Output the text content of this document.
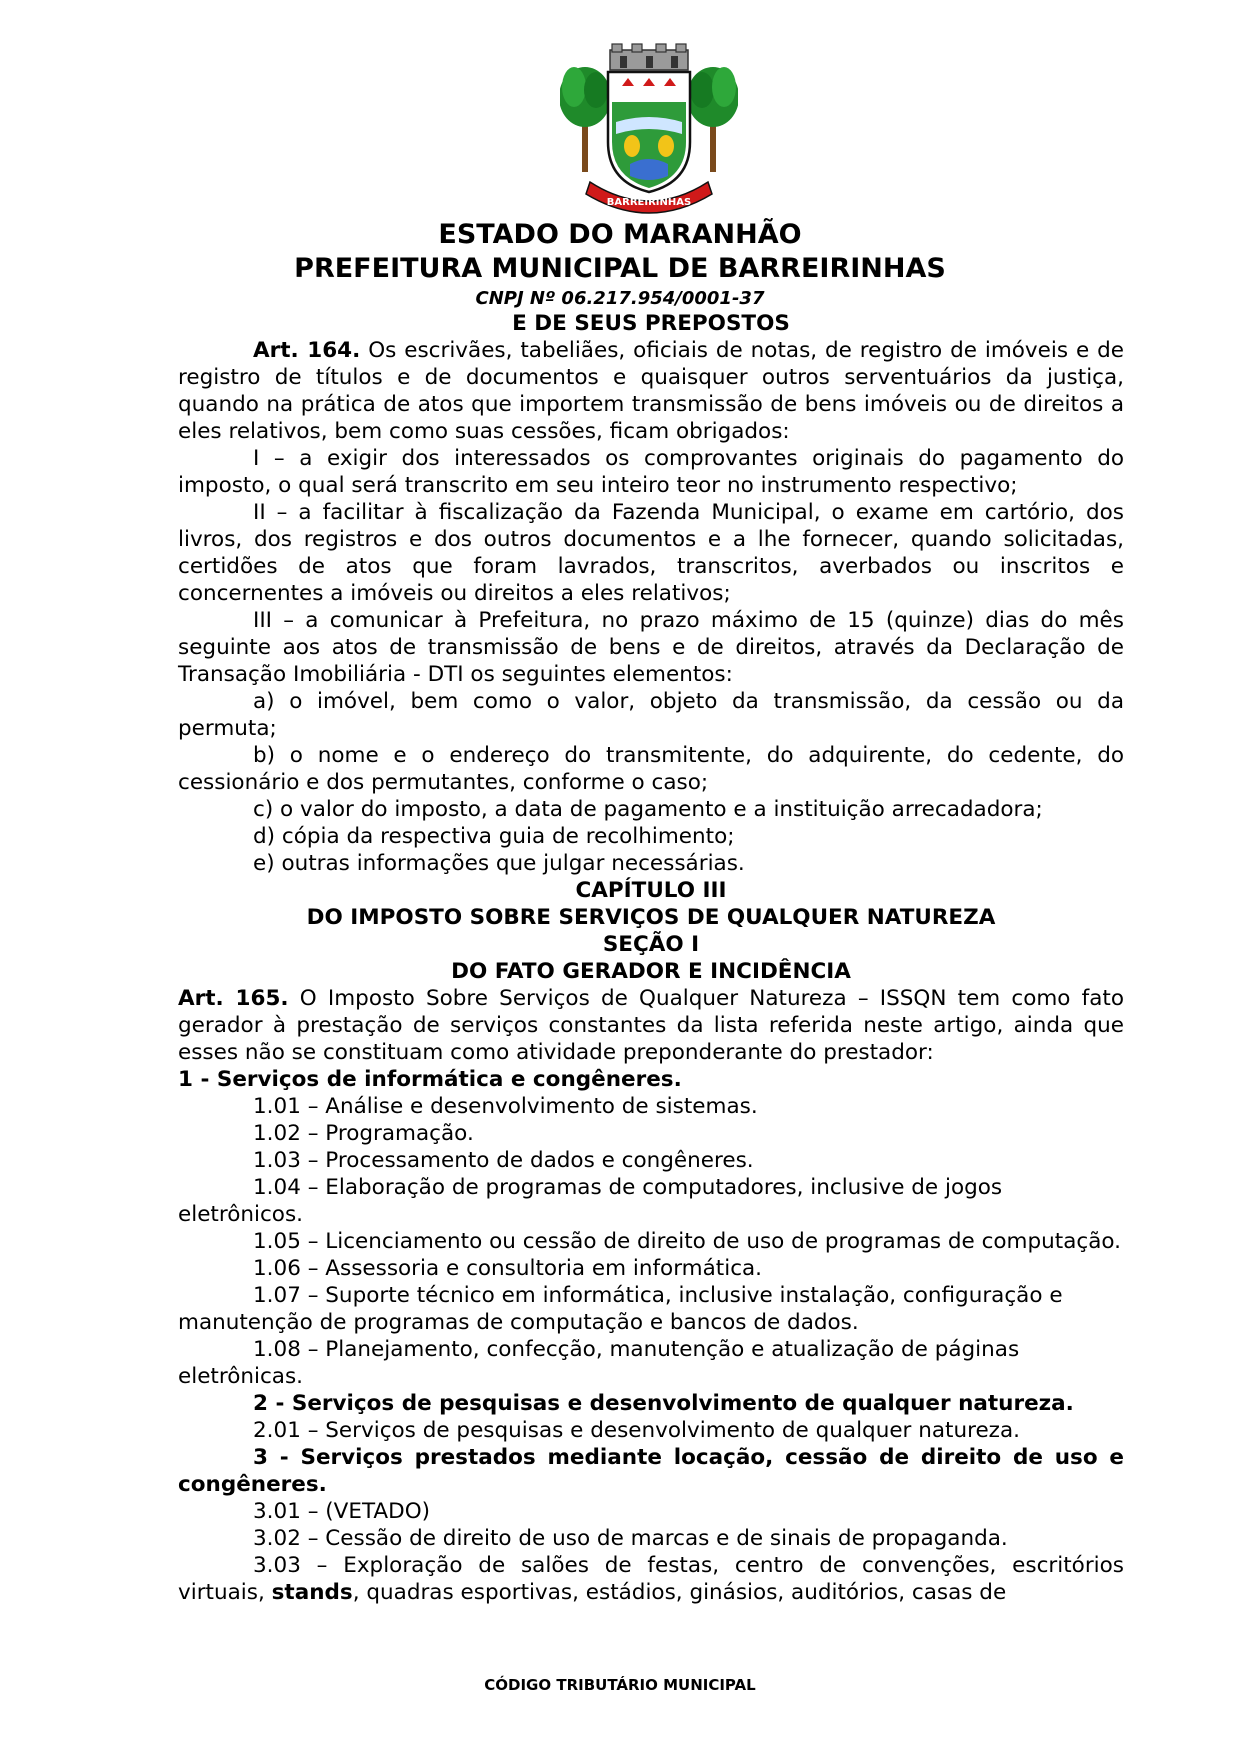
BARREIRINHAS
ESTADO DO MARANHÃO
PREFEITURA MUNICIPAL DE BARREIRINHAS
CNPJ Nº 06.217.954/0001-37

E DE SEUS PREPOSTOS

Art. 164. Os escrivães, tabeliães, oficiais de notas, de registro de imóveis e de registro de títulos e de documentos e quaisquer outros serventuários da justiça, quando na prática de atos que importem transmissão de bens imóveis ou de direitos a eles relativos, bem como suas cessões, ficam obrigados:

I – a exigir dos interessados os comprovantes originais do pagamento do imposto, o qual será transcrito em seu inteiro teor no instrumento respectivo;

II – a facilitar à fiscalização da Fazenda Municipal, o exame em cartório, dos livros, dos registros e dos outros documentos e a lhe fornecer, quando solicitadas, certidões de atos que foram lavrados, transcritos, averbados ou inscritos e concernentes a imóveis ou direitos a eles relativos;

III – a comunicar à Prefeitura, no prazo máximo de 15 (quinze) dias do mês seguinte aos atos de transmissão de bens e de direitos, através da Declaração de Transação Imobiliária - DTI os seguintes elementos:

a) o imóvel, bem como o valor, objeto da transmissão, da cessão ou da permuta;

b) o nome e o endereço do transmitente, do adquirente, do cedente, do cessionário e dos permutantes, conforme o caso;

c) o valor do imposto, a data de pagamento e a instituição arrecadadora;

d) cópia da respectiva guia de recolhimento;

e) outras informações que julgar necessárias.

CAPÍTULO III

DO IMPOSTO SOBRE SERVIÇOS DE QUALQUER NATUREZA

SEÇÃO I

DO FATO GERADOR E INCIDÊNCIA

Art. 165. O Imposto Sobre Serviços de Qualquer Natureza – ISSQN tem como fato gerador à prestação de serviços constantes da lista referida neste artigo, ainda que esses não se constituam como atividade preponderante do prestador:

1 - Serviços de informática e congêneres.

1.01 – Análise e desenvolvimento de sistemas.

1.02 – Programação.

1.03 – Processamento de dados e congêneres.

1.04 – Elaboração de programas de computadores, inclusive de jogos eletrônicos.

1.05 – Licenciamento ou cessão de direito de uso de programas de computação.

1.06 – Assessoria e consultoria em informática.

1.07 – Suporte técnico em informática, inclusive instalação, configuração e manutenção de programas de computação e bancos de dados.

1.08 – Planejamento, confecção, manutenção e atualização de páginas eletrônicas.

2 - Serviços de pesquisas e desenvolvimento de qualquer natureza.

2.01 – Serviços de pesquisas e desenvolvimento de qualquer natureza.

3 - Serviços prestados mediante locação, cessão de direito de uso e congêneres.

3.01 – (VETADO)

3.02 – Cessão de direito de uso de marcas e de sinais de propaganda.

3.03 – Exploração de salões de festas, centro de convenções, escritórios virtuais, stands, quadras esportivas, estádios, ginásios, auditórios, casas de

CÓDIGO TRIBUTÁRIO MUNICIPAL
